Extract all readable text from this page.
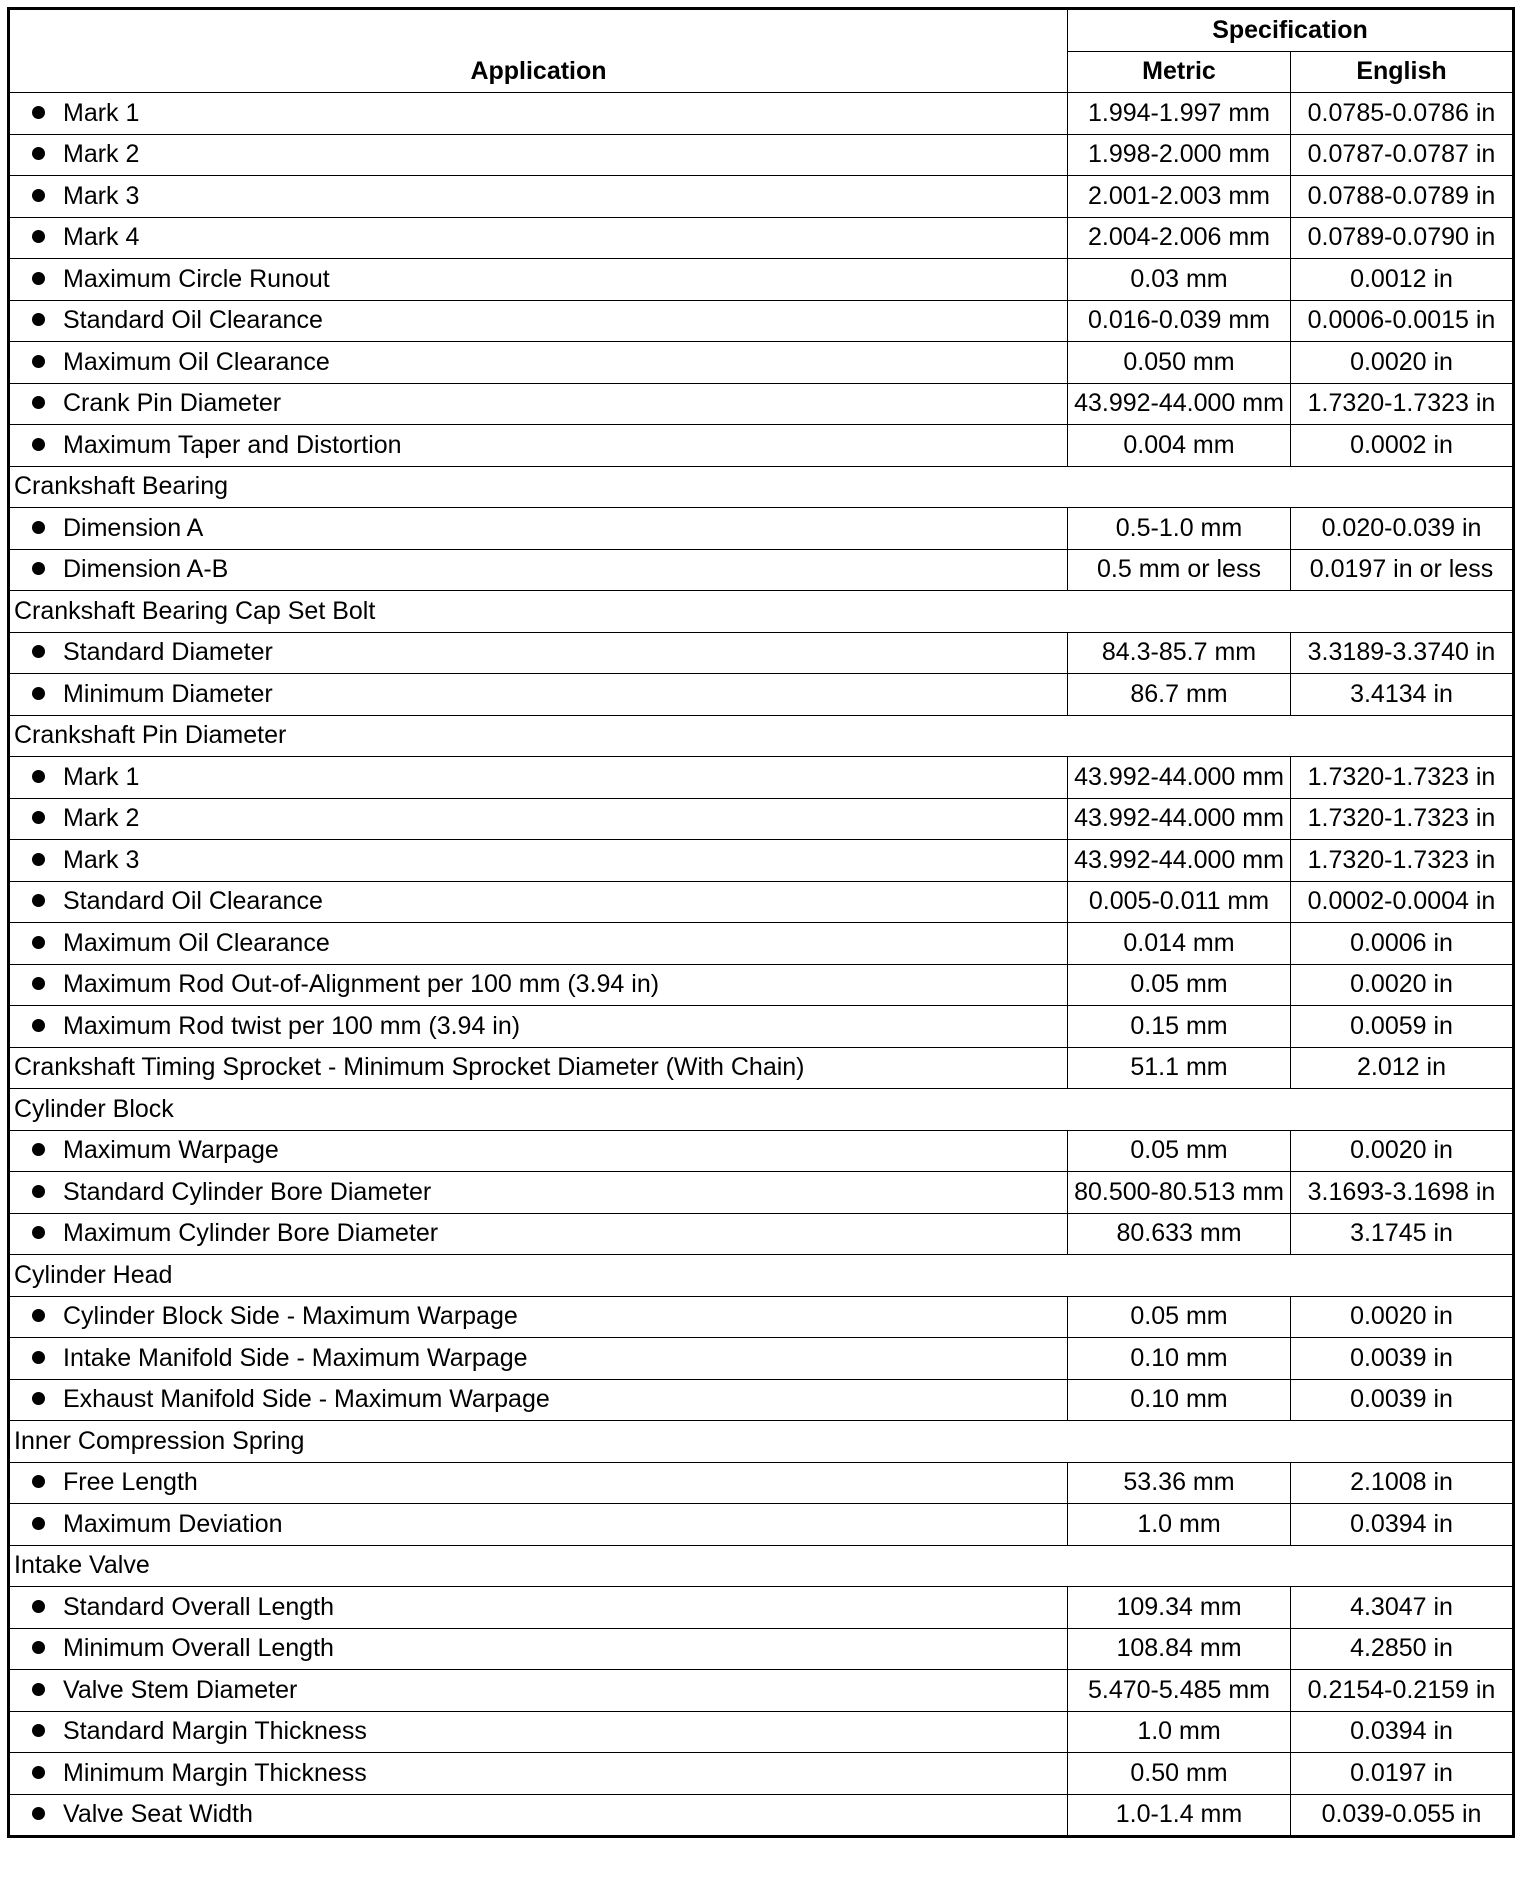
Application	Specification	
	Metric	English
Mark 1	1.994-1.997 mm	0.0785-0.0786 in
Mark 2	1.998-2.000 mm	0.0787-0.0787 in
Mark 3	2.001-2.003 mm	0.0788-0.0789 in
Mark 4	2.004-2.006 mm	0.0789-0.0790 in
Maximum Circle Runout	0.03 mm	0.0012 in
Standard Oil Clearance	0.016-0.039 mm	0.0006-0.0015 in
Maximum Oil Clearance	0.050 mm	0.0020 in
Crank Pin Diameter	43.992-44.000 mm	1.7320-1.7323 in
Maximum Taper and Distortion	0.004 mm	0.0002 in
Crankshaft Bearing		
Dimension A	0.5-1.0 mm	0.020-0.039 in
Dimension A-B	0.5 mm or less	0.0197 in or less
Crankshaft Bearing Cap Set Bolt		
Standard Diameter	84.3-85.7 mm	3.3189-3.3740 in
Minimum Diameter	86.7 mm	3.4134 in
Crankshaft Pin Diameter		
Mark 1	43.992-44.000 mm	1.7320-1.7323 in
Mark 2	43.992-44.000 mm	1.7320-1.7323 in
Mark 3	43.992-44.000 mm	1.7320-1.7323 in
Standard Oil Clearance	0.005-0.011 mm	0.0002-0.0004 in
Maximum Oil Clearance	0.014 mm	0.0006 in
Maximum Rod Out-of-Alignment per 100 mm (3.94 in)	0.05 mm	0.0020 in
Maximum Rod twist per 100 mm (3.94 in)	0.15 mm	0.0059 in
Crankshaft Timing Sprocket - Minimum Sprocket Diameter (With Chain)	51.1 mm	2.012 in
Cylinder Block		
Maximum Warpage	0.05 mm	0.0020 in
Standard Cylinder Bore Diameter	80.500-80.513 mm	3.1693-3.1698 in
Maximum Cylinder Bore Diameter	80.633 mm	3.1745 in
Cylinder Head		
Cylinder Block Side - Maximum Warpage	0.05 mm	0.0020 in
Intake Manifold Side - Maximum Warpage	0.10 mm	0.0039 in
Exhaust Manifold Side - Maximum Warpage	0.10 mm	0.0039 in
Inner Compression Spring		
Free Length	53.36 mm	2.1008 in
Maximum Deviation	1.0 mm	0.0394 in
Intake Valve		
Standard Overall Length	109.34 mm	4.3047 in
Minimum Overall Length	108.84 mm	4.2850 in
Valve Stem Diameter	5.470-5.485 mm	0.2154-0.2159 in
Standard Margin Thickness	1.0 mm	0.0394 in
Minimum Margin Thickness	0.50 mm	0.0197 in
Valve Seat Width	1.0-1.4 mm	0.039-0.055 in
